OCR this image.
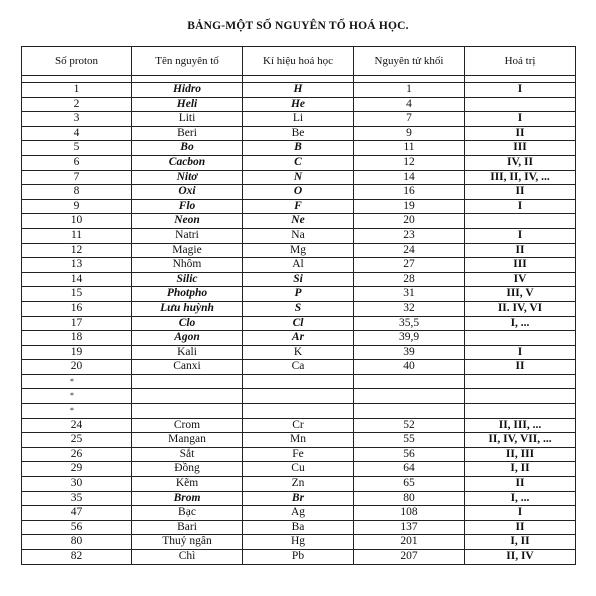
BẢNG-MỘT SỐ NGUYÊN TỐ HOÁ HỌC.
Số proton	Tên nguyên tố	Kí hiệu hoá học	Nguyên tử khối	Hoá trị

1	Hidro	H	1	I
2	Heli	He	4	
3	Liti	Li	7	I
4	Beri	Be	9	II
5	Bo	B	11	III
6	Cacbon	C	12	IV, II
7	Nitơ	N	14	III, II, IV, ...
8	Oxi	O	16	II
9	Flo	F	19	I
10	Neon	Ne	20	
11	Natri	Na	23	I
12	Magie	Mg	24	II
13	Nhôm	Al	27	III
14	Silic	Si	28	IV
15	Photpho	P	31	III, V
16	Lưu huỳnh	S	32	II. IV, VI
17	Clo	Cl	35,5	I, ...
18	Agon	Ar	39,9	
19	Kali	K	39	I
20	Canxi	Ca	40	II
*				
*				
*				
24	Crom	Cr	52	II, III, ...
25	Mangan	Mn	55	II, IV, VII, ...
26	Sắt	Fe	56	II, III
29	Đồng	Cu	64	I, II
30	Kẽm	Zn	65	II
35	Brom	Br	80	I, ...
47	Bạc	Ag	108	I
56	Bari	Ba	137	II
80	Thuỷ ngân	Hg	201	I, II
82	Chì	Pb	207	II, IV
